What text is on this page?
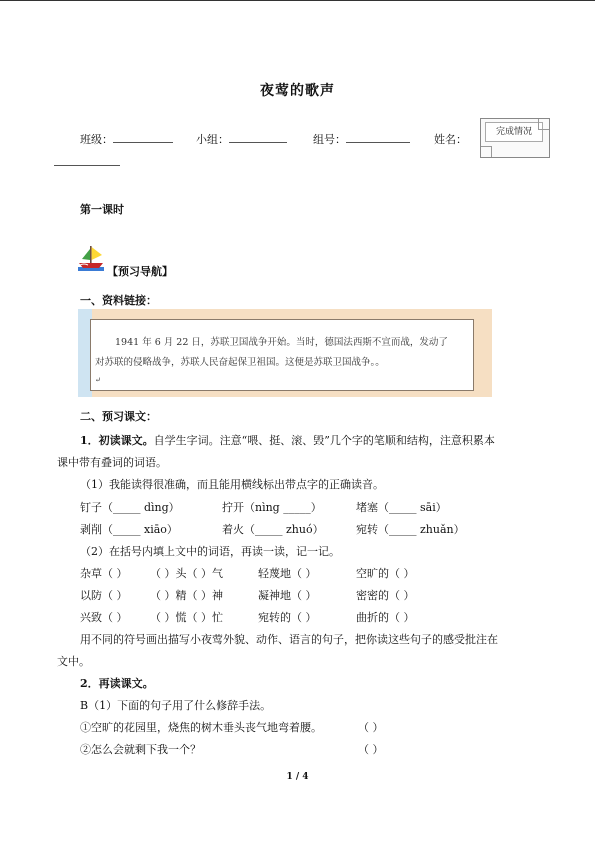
夜莺的歌声
班级：	小组：	组号：	姓名：
完成情况
第一课时
【预习导航】
一、资料链接：
1941 年 6 月 22 日，苏联卫国战争开始。当时，德国法西斯不宣而战，发动了
对苏联的侵略战争，苏联人民奋起保卫祖国。这便是苏联卫国战争。。
↵
二、预习课文：
1．初读课文。自学生字词。注意“喂、挺、滚、毁”几个字的笔顺和结构，注意积累本
课中带有叠词的词语。
（1）我能读得很准确，而且能用横线标出带点字的正确读音。
钉子（_____ dìng）	拧开（nìng _____）	堵塞（_____ sāi）
剥削（_____ xiāo）	着火（_____ zhuó）	宛转（_____ zhuǎn）
（2）在括号内填上文中的词语，再读一读，记一记。
杂草（ ） （ ）头（ ）气	轻蔑地（ ）	空旷的（ ）
以防（ ） （ ）精（ ）神	凝神地（ ）	密密的（ ）
兴致（ ） （ ）慌（ ）忙	宛转的（ ）	曲折的（ ）
用不同的符号画出描写小夜莺外貌、动作、语言的句子，把你读这些句子的感受批注在
文中。
2．再读课文。
B（1）下面的句子用了什么修辞手法。
①空旷的花园里，烧焦的树木垂头丧气地弯着腰。	（ ）
②怎么会就剩下我一个？	（ ）
1 / 4
